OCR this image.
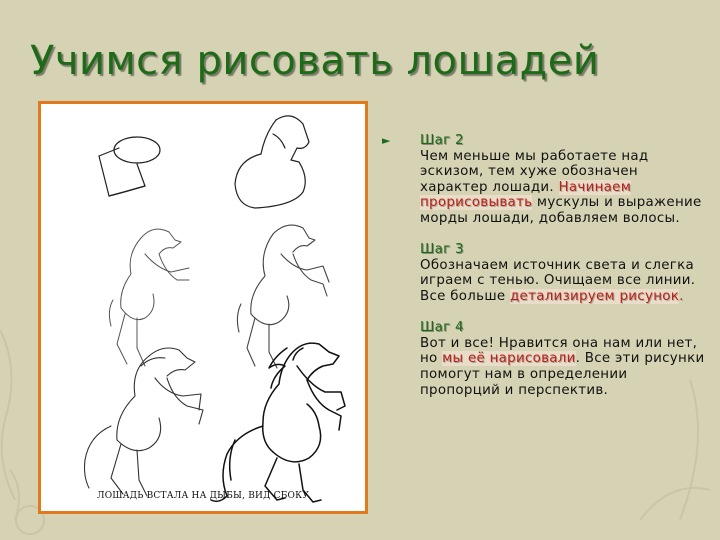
Учимся рисовать лошадей
ЛОШАДЬ ВСТАЛА НА ДЫБЫ, ВИД СБОКУ
► Шаг 2

Чем меньше мы работаете над эскизом, тем хуже обозначен характер лошади. Начинаем прорисовывать мускулы и выражение морды лошади, добавляем волосы.

Шаг 3

Обозначаем источник света и слегка играем с тенью. Очищаем все линии. Все больше детализируем рисунок.

Шаг 4

Вот и все! Нравится она нам или нет, но мы её нарисовали. Все эти рисунки помогут нам в определении пропорций и перспектив.
